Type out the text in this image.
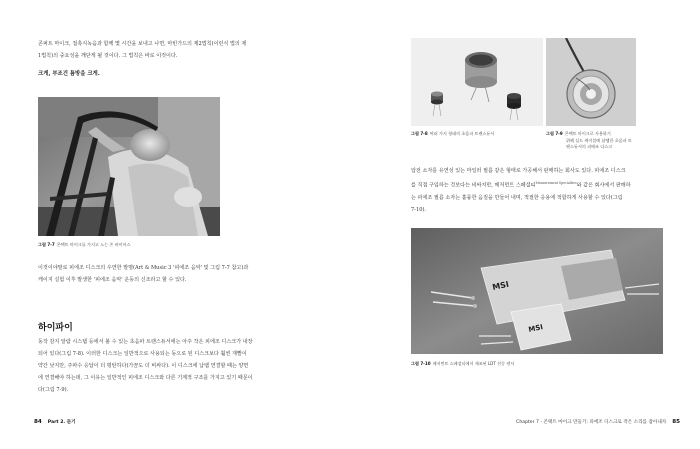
콘퍼트 마이크, 접촉식녹음과 함께 몇 시간을 보내고 나면, 마빈가드의 제2법칙(이런식 법의 제
1법칙)의 중요성을 깨닫게 될 것이다. 그 법칙은 바로 이것이다.
크게, 부조건 틈방을 크게.
그림 7-7 콘택트 마이크를 가지고 노는 존 바이어스
이것이야말로 피에조 디스크의 우연한 발명(Art & Music 3 '피에조 음악' 및 그림 7-7 참고)과
케이지 실험 이후 발생한 '피에조 음악' 운동의 신조라고 할 수 있다.
하이파이
동작 감지 알람 시스템 등에서 볼 수 있는 초음파 트랜스듀서에는 아주 작은 피에조 디스크가 내장
되어 있다(그림 7-8). 이러한 디스크는 일반적으로 사용되는 동으로 된 디스크보다 훨씬 재빨이
약간 낮지만, 주파수 응답이 더 평탄하다(가끔도 더 비싸다). 이 디스크에 납땜 연결할 때는 양면
에 연결해야 하는데, 그 이유는 일반적인 피에조 디스크와 다른 기계적 구조를 가지고 있기 때문이
다(그림 7-9).
84 Part 2. 듣기
그림 7-8 여러 가지 형태의 초음파 트랜스듀서	그림 7-9 콘택트 마이크로 사용하기
위해 실드 케이블에 납땜한 초음파 트
랜스듀서의 피에조 디스크
압전 소자를 유연성 있는 마일러 필름 같은 형태로 가공해서 판매하는 회사도 있다. 피에조 디스크
를 직접 구입하는 것보다는 비싸지만, 메저먼트 스페셜티$^{Measurement Specialties}$와 같은 회사에서 판매하
는 피에조 필름 소자는 훌륭한 음질을 만들어 내며, 적절한 응용에 적합하게 사용할 수 있다(그림
7-10).
MSI
MSI
그림 7-10 메저먼트 스페셜티에서 제조된 LDT 진동 센서
Chapter 7 - 콘택트 마이크 만들기: 피에조 디스크로 작은 소리를 잡아내자 85
